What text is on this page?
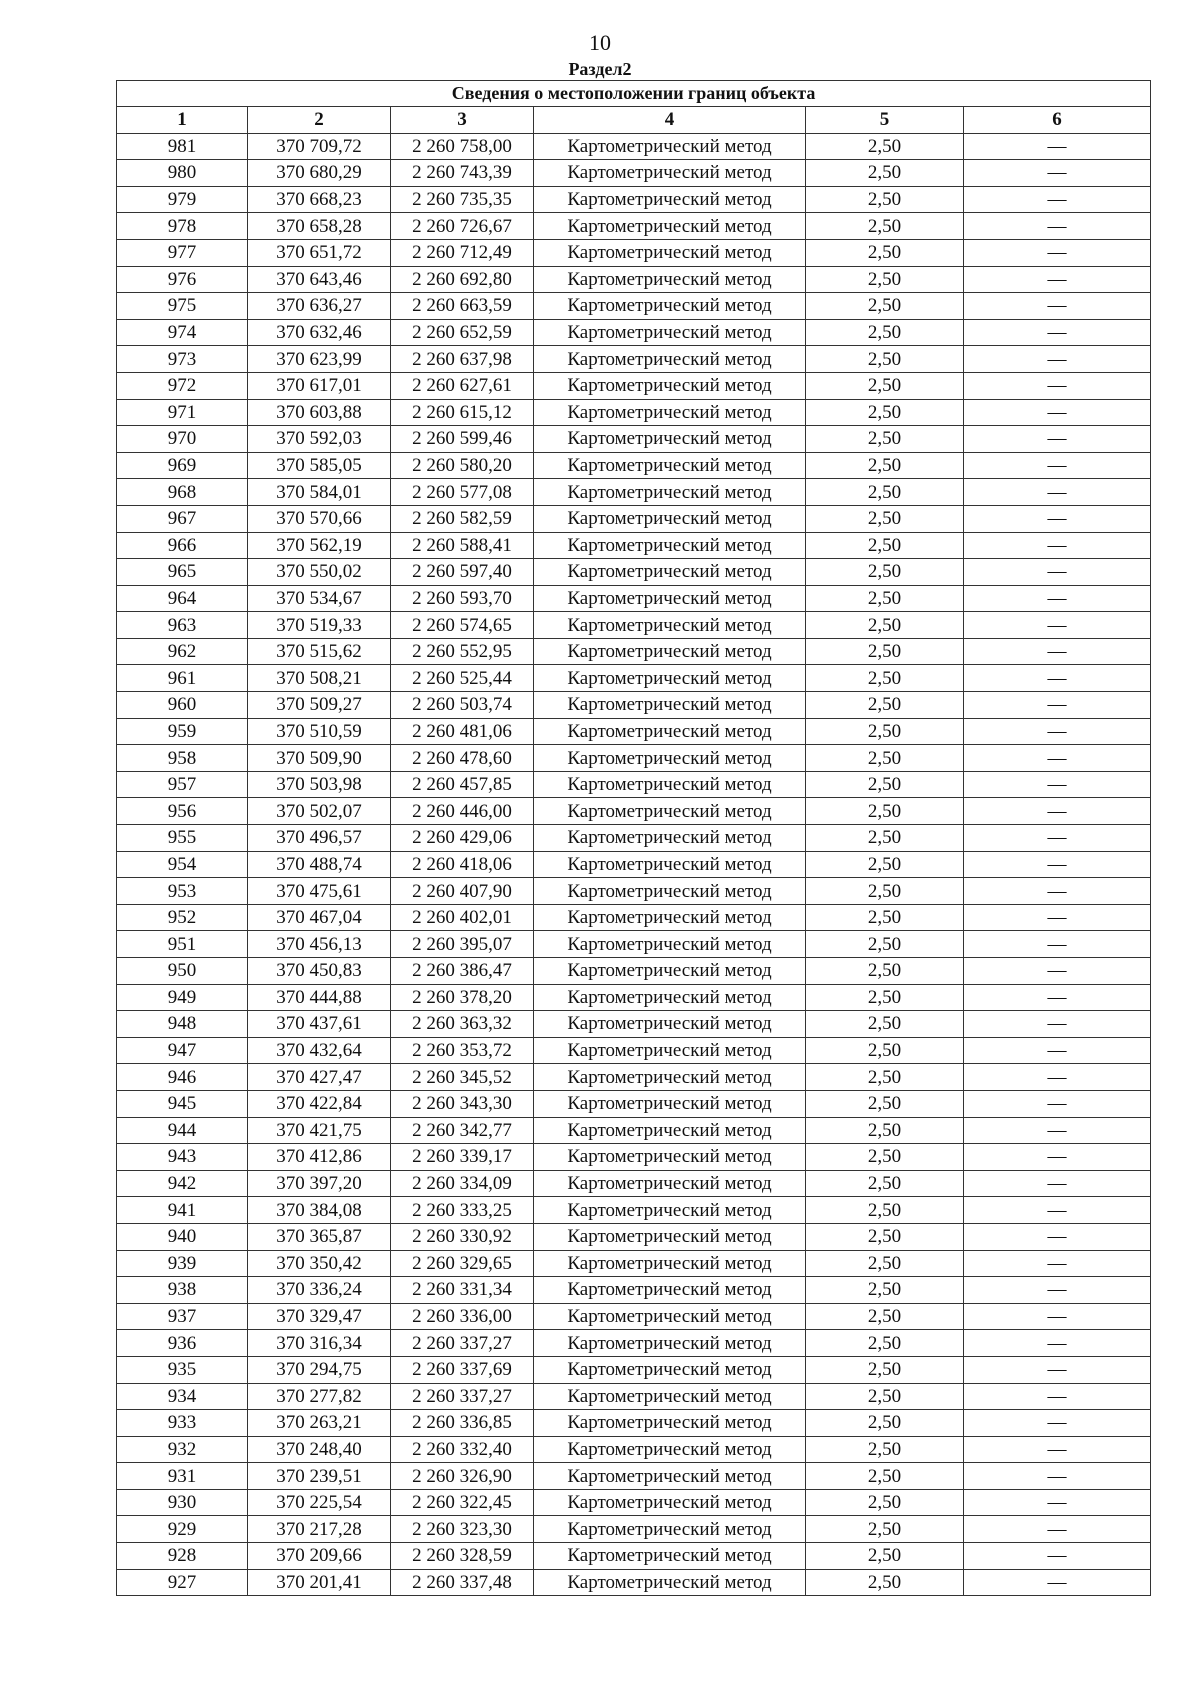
10
Раздел2
Сведения о местоположении границ объекта					
1	2	3	4	5	6
981	370 709,72	2 260 758,00	Картометрический метод	2,50	—
980	370 680,29	2 260 743,39	Картометрический метод	2,50	—
979	370 668,23	2 260 735,35	Картометрический метод	2,50	—
978	370 658,28	2 260 726,67	Картометрический метод	2,50	—
977	370 651,72	2 260 712,49	Картометрический метод	2,50	—
976	370 643,46	2 260 692,80	Картометрический метод	2,50	—
975	370 636,27	2 260 663,59	Картометрический метод	2,50	—
974	370 632,46	2 260 652,59	Картометрический метод	2,50	—
973	370 623,99	2 260 637,98	Картометрический метод	2,50	—
972	370 617,01	2 260 627,61	Картометрический метод	2,50	—
971	370 603,88	2 260 615,12	Картометрический метод	2,50	—
970	370 592,03	2 260 599,46	Картометрический метод	2,50	—
969	370 585,05	2 260 580,20	Картометрический метод	2,50	—
968	370 584,01	2 260 577,08	Картометрический метод	2,50	—
967	370 570,66	2 260 582,59	Картометрический метод	2,50	—
966	370 562,19	2 260 588,41	Картометрический метод	2,50	—
965	370 550,02	2 260 597,40	Картометрический метод	2,50	—
964	370 534,67	2 260 593,70	Картометрический метод	2,50	—
963	370 519,33	2 260 574,65	Картометрический метод	2,50	—
962	370 515,62	2 260 552,95	Картометрический метод	2,50	—
961	370 508,21	2 260 525,44	Картометрический метод	2,50	—
960	370 509,27	2 260 503,74	Картометрический метод	2,50	—
959	370 510,59	2 260 481,06	Картометрический метод	2,50	—
958	370 509,90	2 260 478,60	Картометрический метод	2,50	—
957	370 503,98	2 260 457,85	Картометрический метод	2,50	—
956	370 502,07	2 260 446,00	Картометрический метод	2,50	—
955	370 496,57	2 260 429,06	Картометрический метод	2,50	—
954	370 488,74	2 260 418,06	Картометрический метод	2,50	—
953	370 475,61	2 260 407,90	Картометрический метод	2,50	—
952	370 467,04	2 260 402,01	Картометрический метод	2,50	—
951	370 456,13	2 260 395,07	Картометрический метод	2,50	—
950	370 450,83	2 260 386,47	Картометрический метод	2,50	—
949	370 444,88	2 260 378,20	Картометрический метод	2,50	—
948	370 437,61	2 260 363,32	Картометрический метод	2,50	—
947	370 432,64	2 260 353,72	Картометрический метод	2,50	—
946	370 427,47	2 260 345,52	Картометрический метод	2,50	—
945	370 422,84	2 260 343,30	Картометрический метод	2,50	—
944	370 421,75	2 260 342,77	Картометрический метод	2,50	—
943	370 412,86	2 260 339,17	Картометрический метод	2,50	—
942	370 397,20	2 260 334,09	Картометрический метод	2,50	—
941	370 384,08	2 260 333,25	Картометрический метод	2,50	—
940	370 365,87	2 260 330,92	Картометрический метод	2,50	—
939	370 350,42	2 260 329,65	Картометрический метод	2,50	—
938	370 336,24	2 260 331,34	Картометрический метод	2,50	—
937	370 329,47	2 260 336,00	Картометрический метод	2,50	—
936	370 316,34	2 260 337,27	Картометрический метод	2,50	—
935	370 294,75	2 260 337,69	Картометрический метод	2,50	—
934	370 277,82	2 260 337,27	Картометрический метод	2,50	—
933	370 263,21	2 260 336,85	Картометрический метод	2,50	—
932	370 248,40	2 260 332,40	Картометрический метод	2,50	—
931	370 239,51	2 260 326,90	Картометрический метод	2,50	—
930	370 225,54	2 260 322,45	Картометрический метод	2,50	—
929	370 217,28	2 260 323,30	Картометрический метод	2,50	—
928	370 209,66	2 260 328,59	Картометрический метод	2,50	—
927	370 201,41	2 260 337,48	Картометрический метод	2,50	—
